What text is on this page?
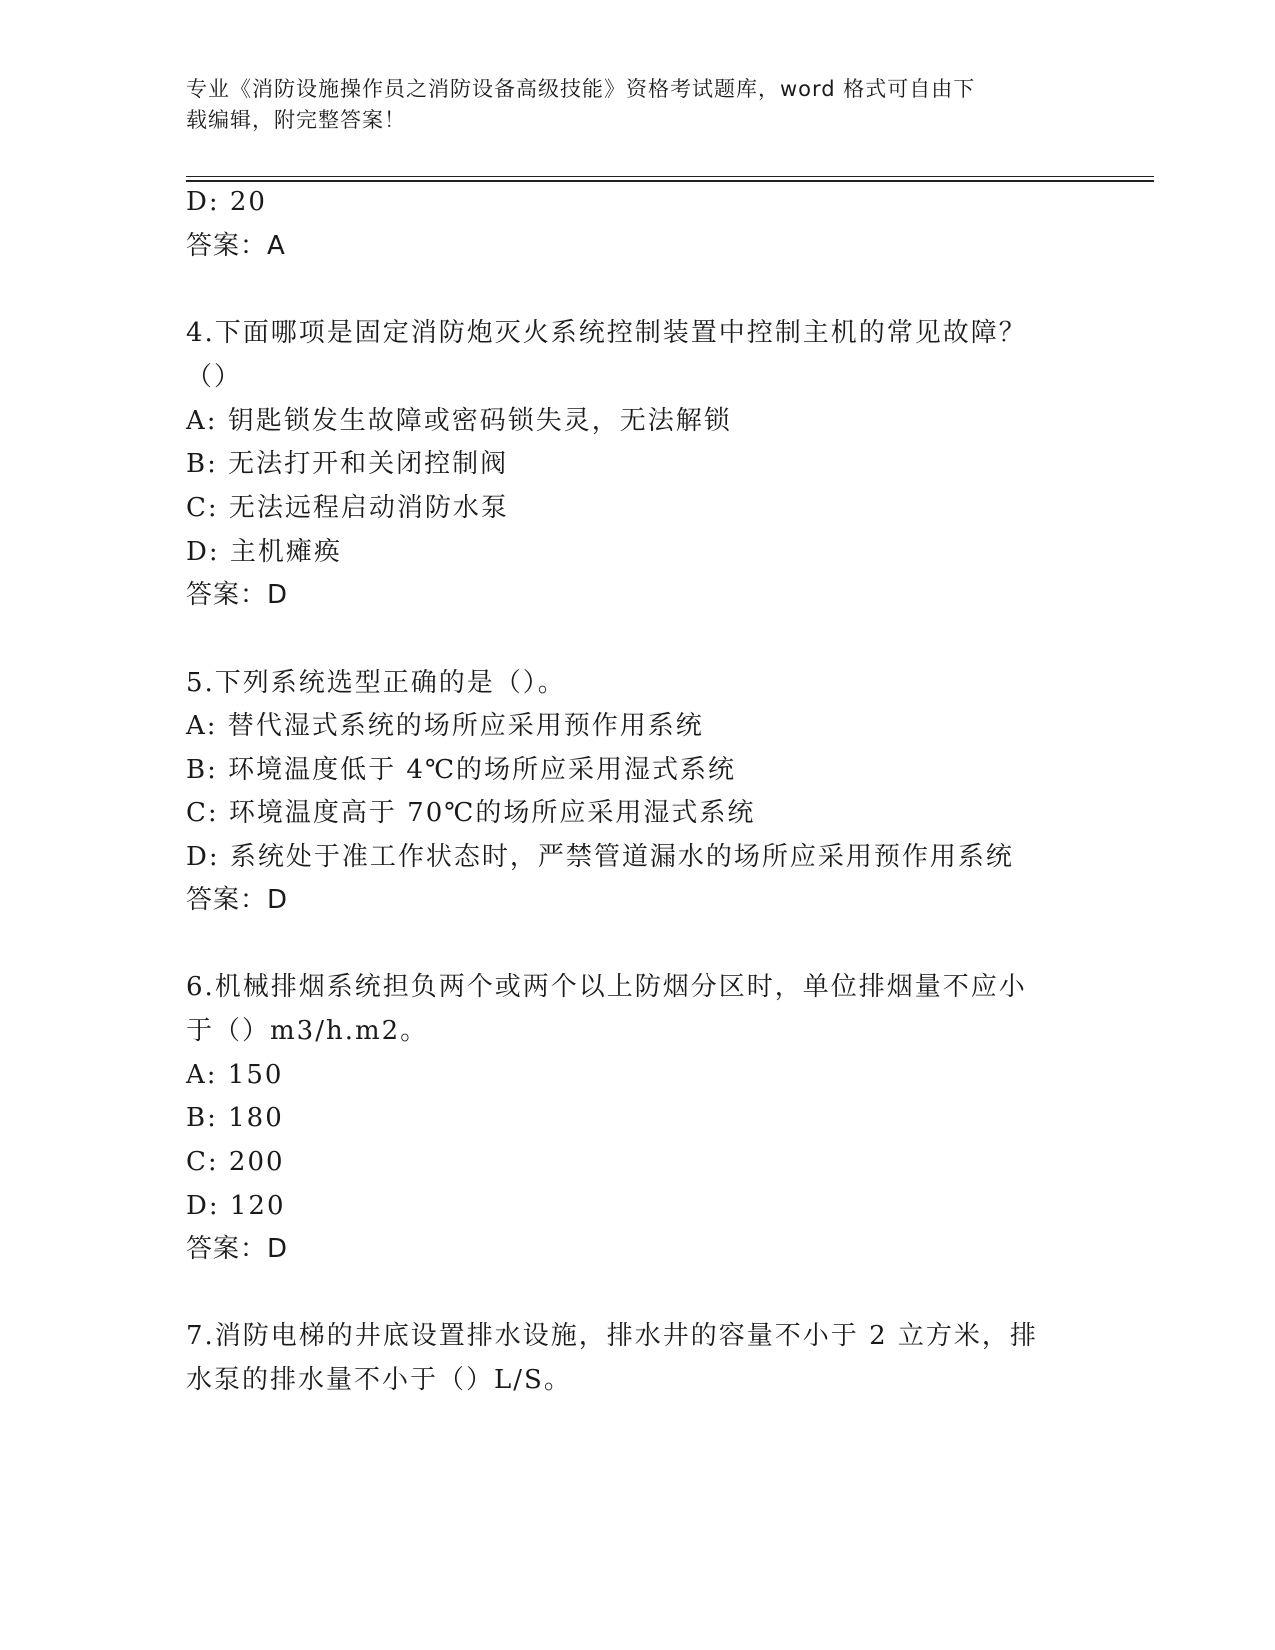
专业《消防设施操作员之消防设备高级技能》资格考试题库，word 格式可自由下
载编辑，附完整答案！
D: 20
答案：A
4.下面哪项是固定消防炮灭火系统控制装置中控制主机的常见故障？
（）
A: 钥匙锁发生故障或密码锁失灵，无法解锁
B: 无法打开和关闭控制阀
C: 无法远程启动消防水泵
D: 主机瘫痪
答案：D
5.下列系统选型正确的是（）。
A: 替代湿式系统的场所应采用预作用系统
B: 环境温度低于 4℃的场所应采用湿式系统
C: 环境温度高于 70℃的场所应采用湿式系统
D: 系统处于准工作状态时，严禁管道漏水的场所应采用预作用系统
答案：D
6.机械排烟系统担负两个或两个以上防烟分区时，单位排烟量不应小
于（）m3/h.m2。
A: 150
B: 180
C: 200
D: 120
答案：D
7.消防电梯的井底设置排水设施，排水井的容量不小于 2 立方米，排
水泵的排水量不小于（）L/S。
